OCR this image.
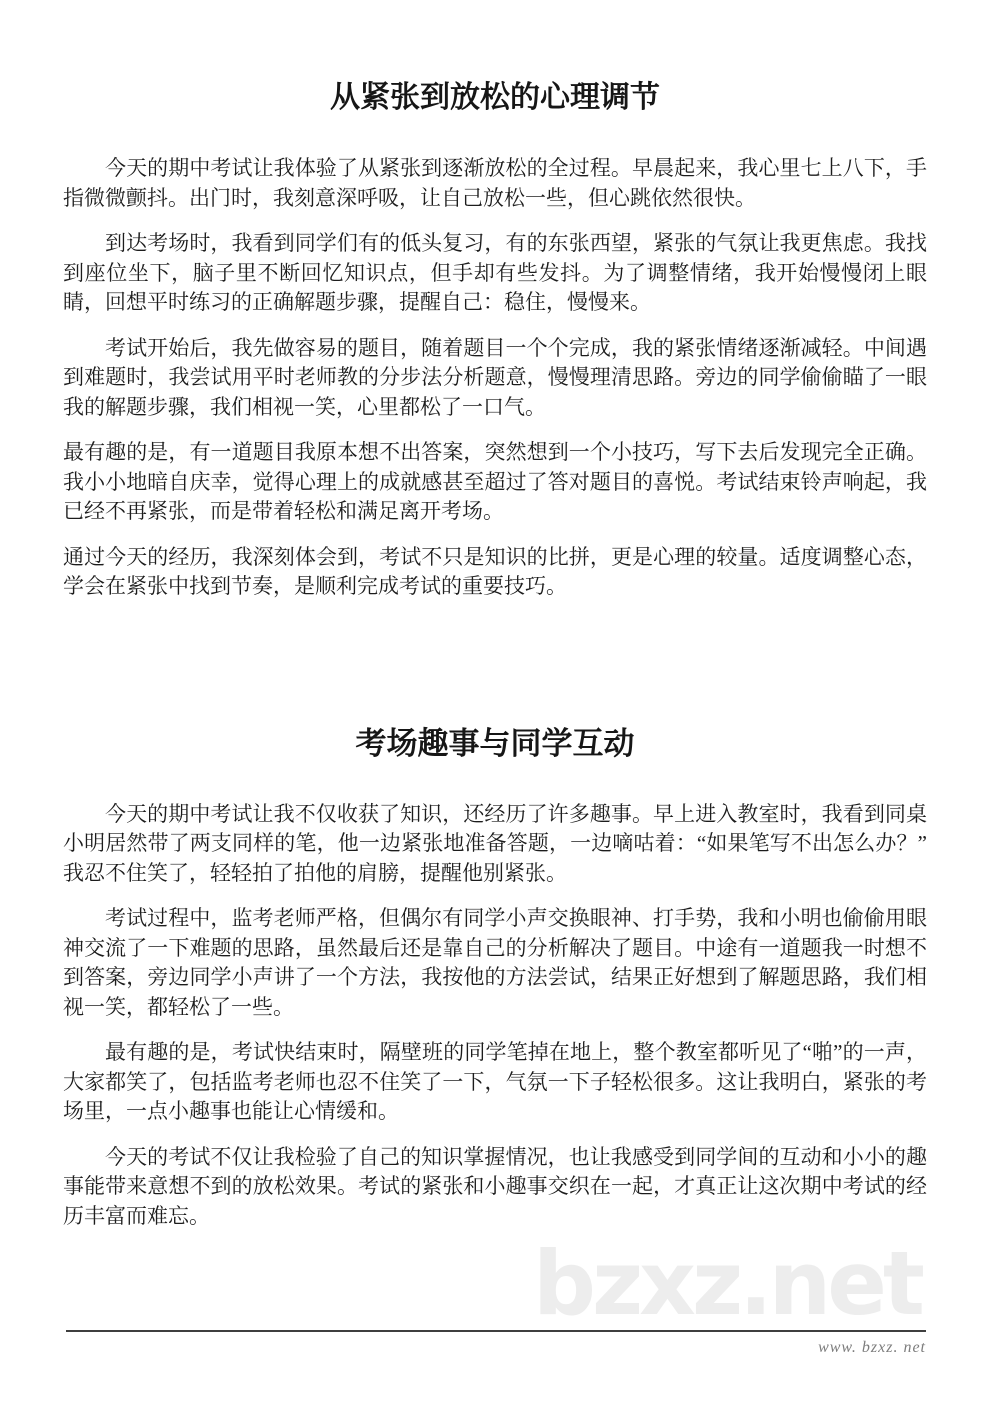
bzxz.net
从紧张到放松的心理调节

今天的期中考试让我体验了从紧张到逐渐放松的全过程。早晨起来，我心里七上八下，手指微微颤抖。出门时，我刻意深呼吸，让自己放松一些，但心跳依然很快。

到达考场时，我看到同学们有的低头复习，有的东张西望，紧张的气氛让我更焦虑。我找到座位坐下，脑子里不断回忆知识点，但手却有些发抖。为了调整情绪，我开始慢慢闭上眼睛，回想平时练习的正确解题步骤，提醒自己：稳住，慢慢来。

考试开始后，我先做容易的题目，随着题目一个个完成，我的紧张情绪逐渐减轻。中间遇到难题时，我尝试用平时老师教的分步法分析题意，慢慢理清思路。旁边的同学偷偷瞄了一眼我的解题步骤，我们相视一笑，心里都松了一口气。

最有趣的是，有一道题目我原本想不出答案，突然想到一个小技巧，写下去后发现完全正确。我小小地暗自庆幸，觉得心理上的成就感甚至超过了答对题目的喜悦。考试结束铃声响起，我已经不再紧张，而是带着轻松和满足离开考场。

通过今天的经历，我深刻体会到，考试不只是知识的比拼，更是心理的较量。适度调整心态，学会在紧张中找到节奏，是顺利完成考试的重要技巧。

考场趣事与同学互动

今天的期中考试让我不仅收获了知识，还经历了许多趣事。早上进入教室时，我看到同桌小明居然带了两支同样的笔，他一边紧张地准备答题，一边嘀咕着：“如果笔写不出怎么办？”我忍不住笑了，轻轻拍了拍他的肩膀，提醒他别紧张。

考试过程中，监考老师严格，但偶尔有同学小声交换眼神、打手势，我和小明也偷偷用眼神交流了一下难题的思路，虽然最后还是靠自己的分析解决了题目。中途有一道题我一时想不到答案，旁边同学小声讲了一个方法，我按他的方法尝试，结果正好想到了解题思路，我们相视一笑，都轻松了一些。

最有趣的是，考试快结束时，隔壁班的同学笔掉在地上，整个教室都听见了“啪”的一声，大家都笑了，包括监考老师也忍不住笑了一下，气氛一下子轻松很多。这让我明白，紧张的考场里，一点小趣事也能让心情缓和。

今天的考试不仅让我检验了自己的知识掌握情况，也让我感受到同学间的互动和小小的趣事能带来意想不到的放松效果。考试的紧张和小趣事交织在一起，才真正让这次期中考试的经历丰富而难忘。

www. bzxz. net
